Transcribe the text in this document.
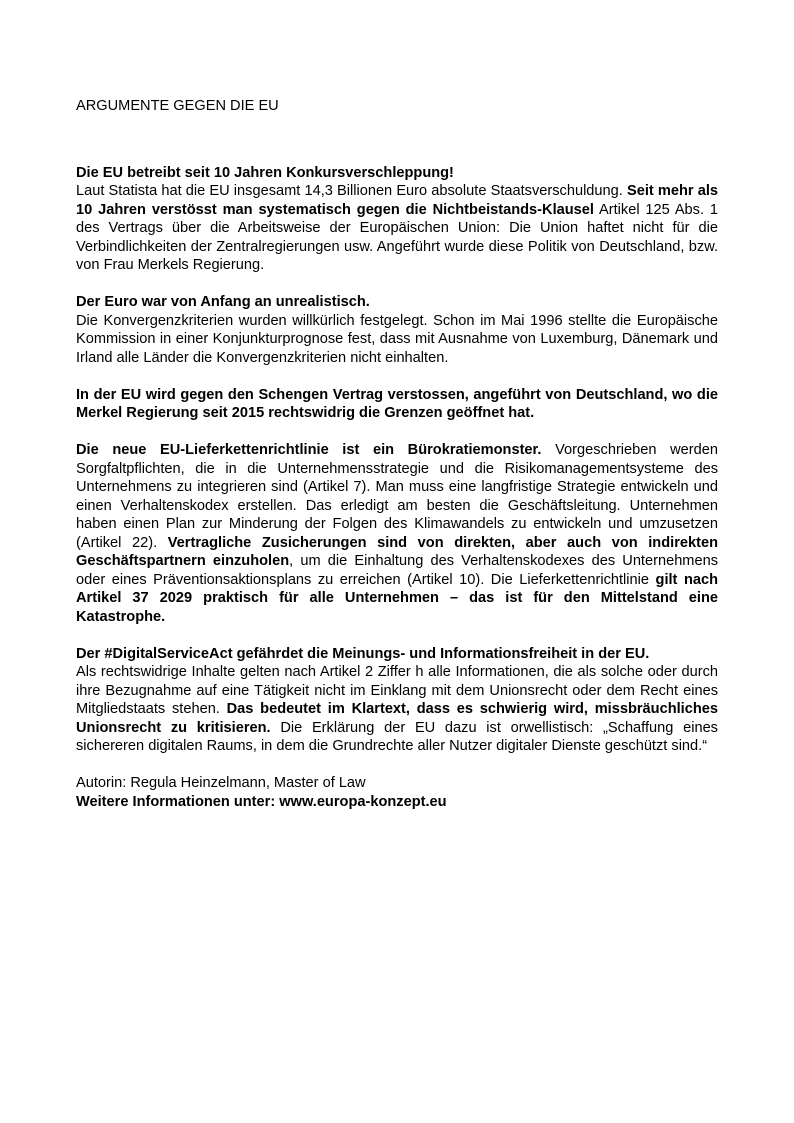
ARGUMENTE GEGEN DIE EU

Die EU betreibt seit 10 Jahren Konkursverschleppung!
Laut Statista hat die EU insgesamt 14,3 Billionen Euro absolute Staatsverschuldung. Seit mehr als 10 Jahren verstösst man systematisch gegen die Nichtbeistands-Klausel Artikel 125 Abs. 1 des Vertrags über die Arbeitsweise der Europäischen Union: Die Union haftet nicht für die Verbindlichkeiten der Zentralregierungen usw. Angeführt wurde diese Politik von Deutschland, bzw. von Frau Merkels Regierung.

Der Euro war von Anfang an unrealistisch.
Die Konvergenzkriterien wurden willkürlich festgelegt. Schon im Mai 1996 stellte die Europäische Kommission in einer Konjunkturprognose fest, dass mit Ausnahme von Luxemburg, Dänemark und Irland alle Länder die Konvergenzkriterien nicht einhalten.

In der EU wird gegen den Schengen Vertrag verstossen, angeführt von Deutschland, wo die Merkel Regierung seit 2015 rechtswidrig die Grenzen geöffnet hat.

Die neue EU-Lieferkettenrichtlinie ist ein Bürokratiemonster. Vorgeschrieben werden Sorgfaltpflichten, die in die Unternehmensstrategie und die Risikomanagementsysteme des Unternehmens zu integrieren sind (Artikel 7). Man muss eine langfristige Strategie entwickeln und einen Verhaltenskodex erstellen. Das erledigt am besten die Geschäftsleitung. Unternehmen haben einen Plan zur Minderung der Folgen des Klimawandels zu entwickeln und umzusetzen (Artikel 22). Vertragliche Zusicherungen sind von direkten, aber auch von indirekten Geschäftspartnern einzuholen, um die Einhaltung des Verhaltenskodexes des Unternehmens oder eines Präventionsaktionsplans zu erreichen (Artikel 10). Die Lieferkettenrichtlinie gilt nach Artikel 37 2029 praktisch für alle Unternehmen – das ist für den Mittelstand eine Katastrophe.

Der #DigitalServiceAct gefährdet die Meinungs- und Informationsfreiheit in der EU.
Als rechtswidrige Inhalte gelten nach Artikel 2 Ziffer h alle Informationen, die als solche oder durch ihre Bezugnahme auf eine Tätigkeit nicht im Einklang mit dem Unionsrecht oder dem Recht eines Mitgliedstaats stehen. Das bedeutet im Klartext, dass es schwierig wird, missbräuchliches Unionsrecht zu kritisieren. Die Erklärung der EU dazu ist orwellistisch: „Schaffung eines sichereren digitalen Raums, in dem die Grundrechte aller Nutzer digitaler Dienste geschützt sind.“

Autorin: Regula Heinzelmann, Master of Law
Weitere Informationen unter: www.europa-konzept.eu
